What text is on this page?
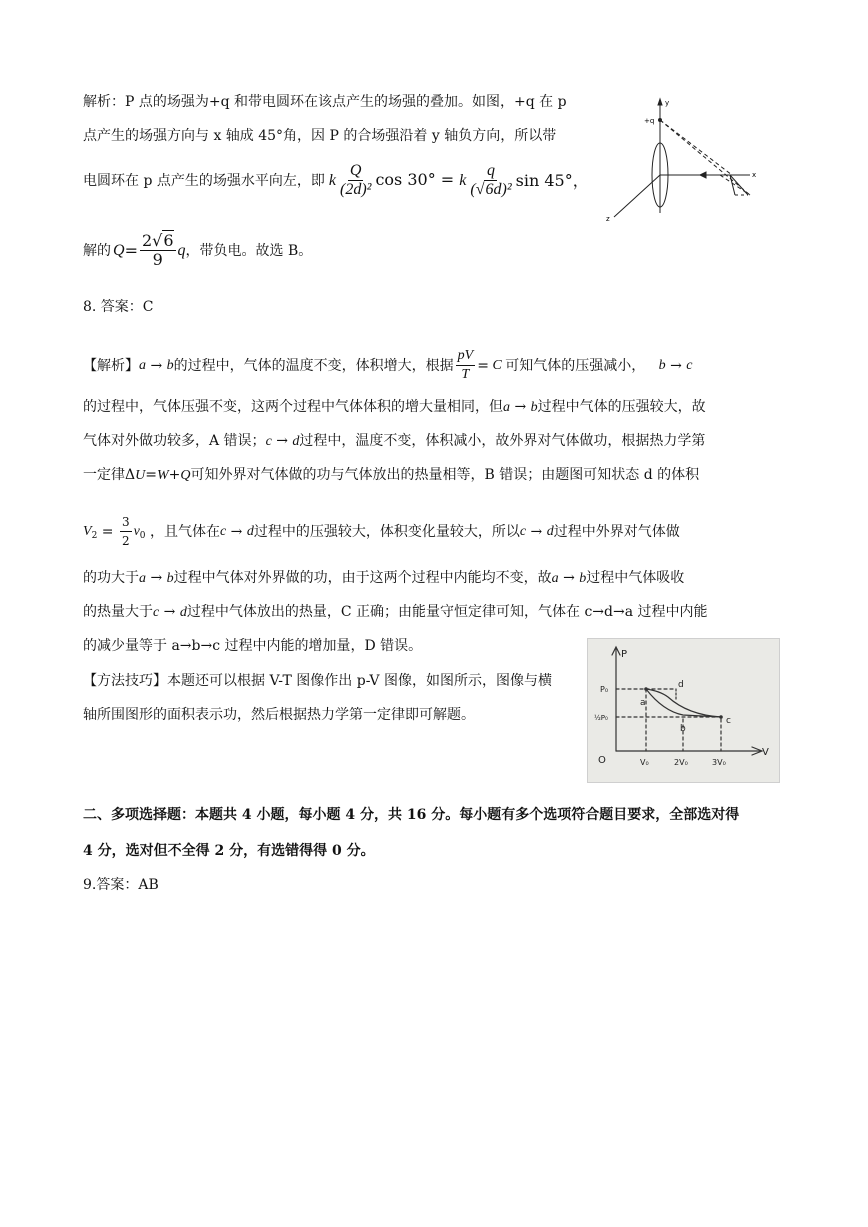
解析：P 点的场强为+q 和带电圆环在该点产生的场强的叠加。如图，+q 在 p
点产生的场强方向与 x 轴成 45°角，因 P 的合场强沿着 y 轴负方向，所以带
电圆环在 p 点产生的场强水平向左，即 k $\frac{Q}{\text{(2d)²}}$ cos 30° = k $\frac{q}{\text{(√6d)²}}$ sin 45°，
解的 $Q = \frac{2√6}{9}$ q ，带负电。故选 B。
+q
y
x
z
8. 答案：C
【解析】 a → b 的过程中，气体的温度不变，体积增大，根据 $\frac{pV}{T} = C$ 可知气体的压强减小，
b → c
的过程中，气体压强不变，这两个过程中气体体积的增大量相同，但a → b过程中气体的压强较大，故
气体对外做功较多，A 错误；c → d过程中，温度不变，体积减小，故外界对气体做功，根据热力学第
一定律ΔU=W+Q可知外界对气体做的功与气体放出的热量相等，B 错误；由题图可知状态 d 的体积
V $2 = \frac{3}{2}$ v 0
，且气体在 c → d 过程中的压强较大，体积变化量较大，所以 c → d 过程中外界对气体做
的功大于a → b过程中气体对外界做的功，由于这两个过程中内能均不变，故a → b过程中气体吸收
的热量大于c → d过程中气体放出的热量，C 正确；由能量守恒定律可知，气体在 c→d→a 过程中内能
的减少量等于 a→b→c 过程中内能的增加量，D 错误。
【方法技巧】本题还可以根据 V-T 图像作出 p-V 图像，如图所示，图像与横
轴所围图形的面积表示功，然后根据热力学第一定律即可解题。
P
V
O
P₀
½P₀
V₀	2V₀	3V₀
a
b
c
d
二、多项选择题：本题共 4 小题，每小题 4 分，共 16 分。每小题有多个选项符合题目要求，全部选对得
4 分，选对但不全得 2 分，有选错得得 0 分。
9.答案：AB
